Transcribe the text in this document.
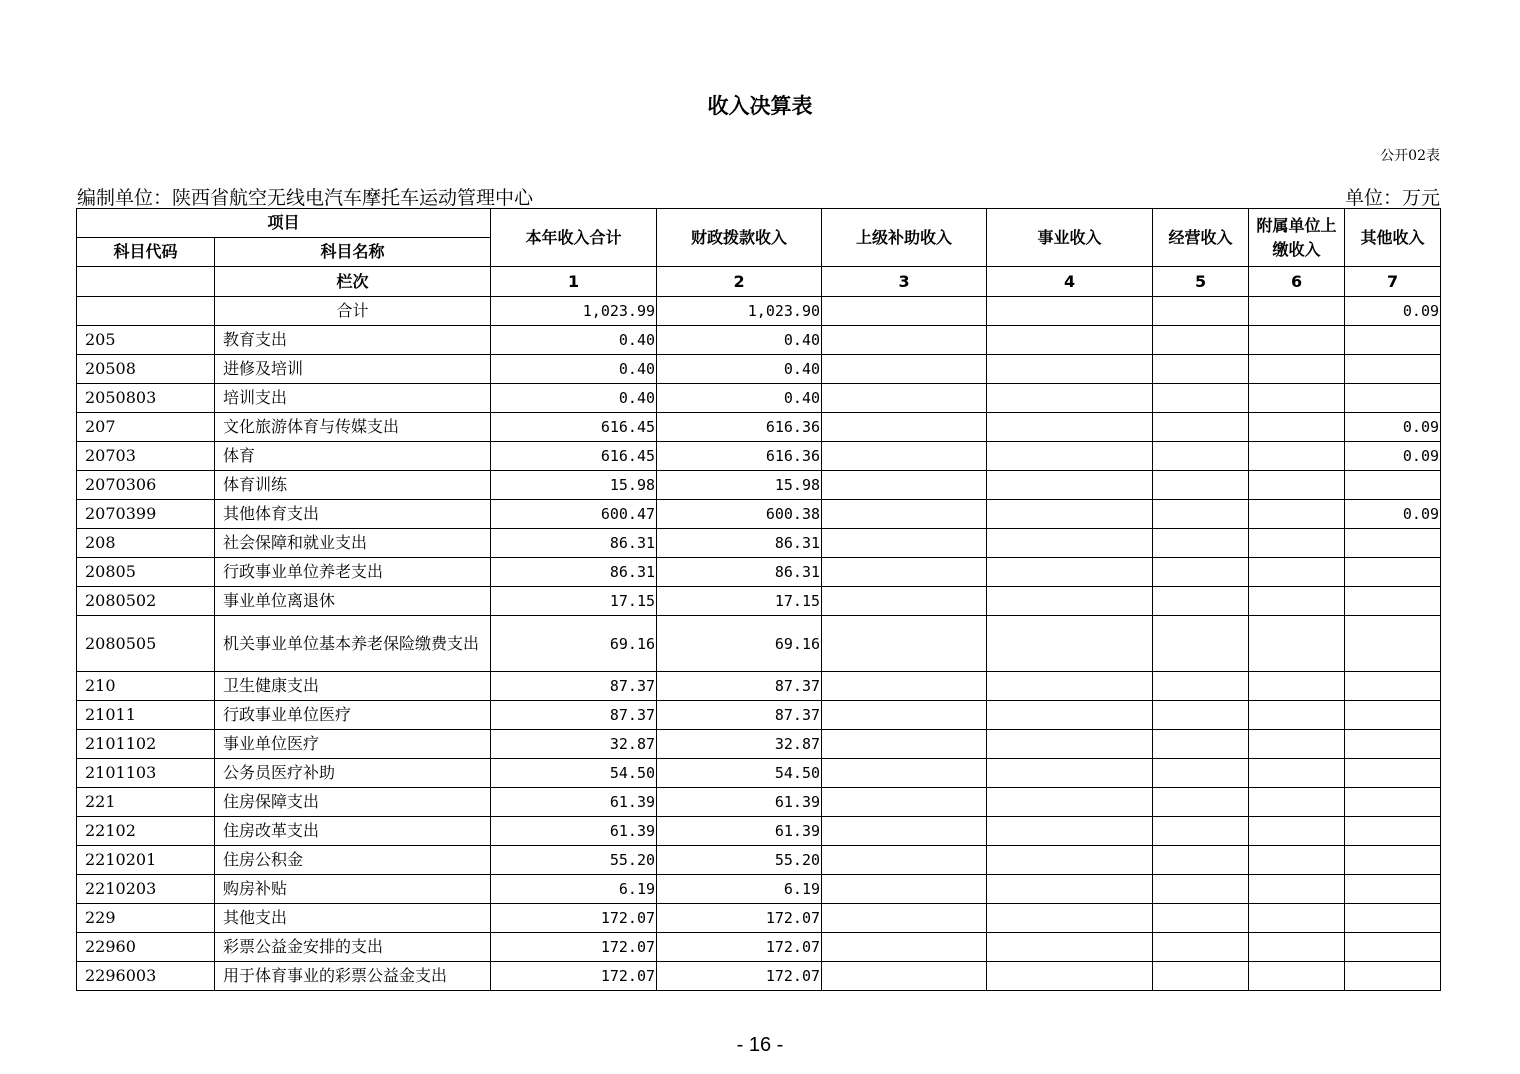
收入决算表
公开02表
编制单位：陕西省航空无线电汽车摩托车运动管理中心	单位：万元
项目		本年收入合计	财政拨款收入	上级补助收入	事业收入	经营收入	附属单位上缴收入	其他收入
科目代码	科目名称							
	栏次	1	2	3	4	5	6	7
	合计	1,023.99	1,023.90					0.09
205	教育支出	0.40	0.40					
20508	进修及培训	0.40	0.40					
2050803	培训支出	0.40	0.40					
207	文化旅游体育与传媒支出	616.45	616.36					0.09
20703	体育	616.45	616.36					0.09
2070306	体育训练	15.98	15.98					
2070399	其他体育支出	600.47	600.38					0.09
208	社会保障和就业支出	86.31	86.31					
20805	行政事业单位养老支出	86.31	86.31					
2080502	事业单位离退休	17.15	17.15					
2080505	机关事业单位基本养老保险缴费支出	69.16	69.16					
210	卫生健康支出	87.37	87.37					
21011	行政事业单位医疗	87.37	87.37					
2101102	事业单位医疗	32.87	32.87					
2101103	公务员医疗补助	54.50	54.50					
221	住房保障支出	61.39	61.39					
22102	住房改革支出	61.39	61.39					
2210201	住房公积金	55.20	55.20					
2210203	购房补贴	6.19	6.19					
229	其他支出	172.07	172.07					
22960	彩票公益金安排的支出	172.07	172.07					
2296003	用于体育事业的彩票公益金支出	172.07	172.07					
- 16 -
